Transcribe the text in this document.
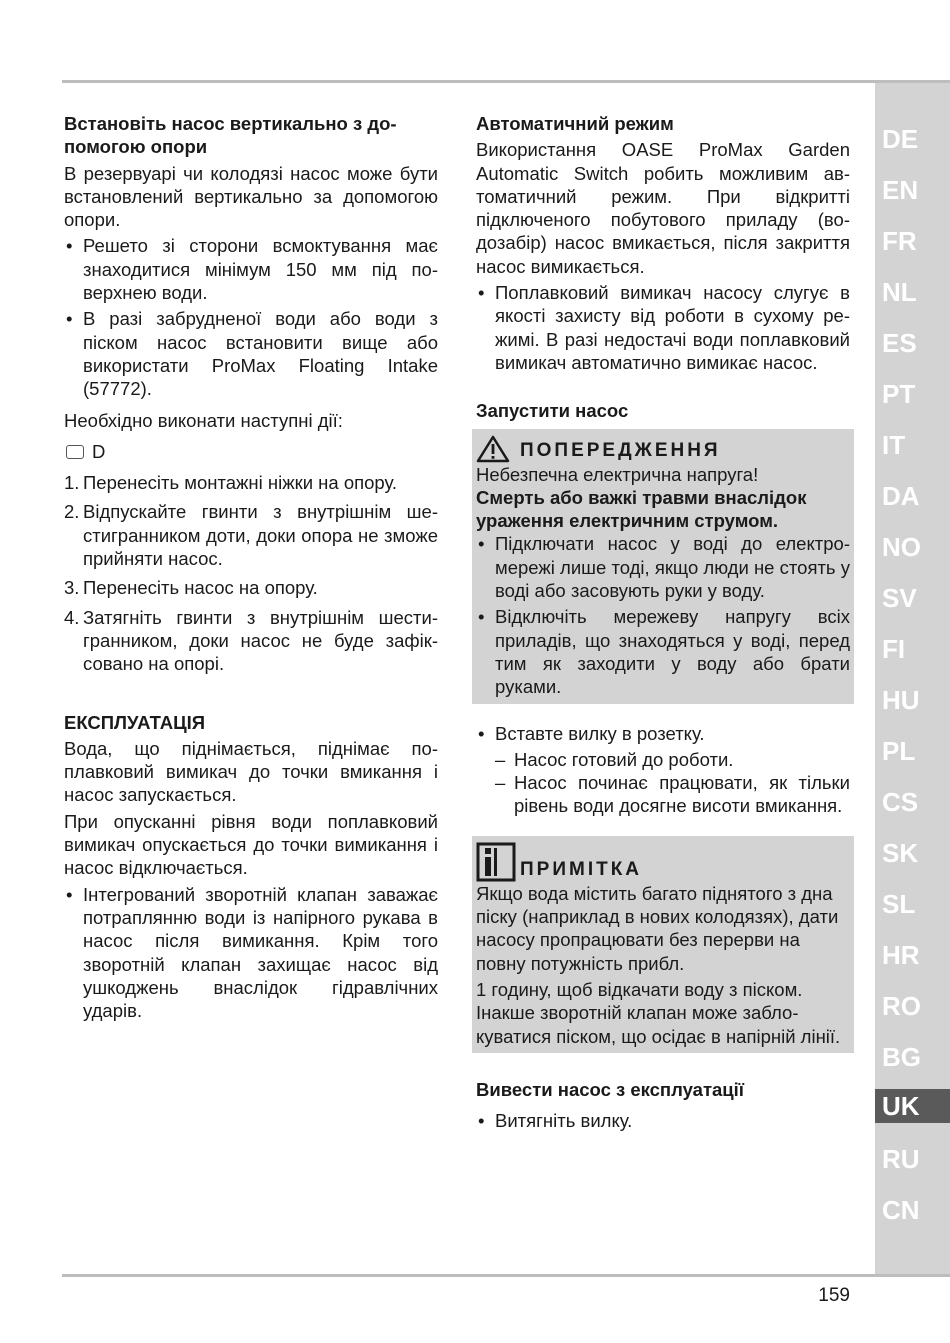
DE
EN
FR
NL
ES
PT
IT
DA
NO
SV
FI
HU
PL
CS
SK
SL
HR
RO
BG
UK
RU
CN
Встановіть насос вертикально з допомогою опори
В резервуарі чи колодязі насос може бути встановлений вертикально за допомогою опори.
• Решето зі сторони всмоктування має знаходитися мінімум 150 мм під поверхнею води.
• В разі забрудненої води або води з піском насос встановити вище або використати ProMax Floating Intake (57772).
Необхідно виконати наступні дії:
D
1. Перенесіть монтажні ніжки на опору.
2. Відпускайте гвинти з внутрішнім шестигранником доти, доки опора не зможе прийняти насос.
3. Перенесіть насос на опору.
4. Затягніть гвинти з внутрішнім шестигранником, доки насос не буде зафіксовано на опорі.
ЕКСПЛУАТАЦІЯ
Вода, що піднімається, піднімає поплавковий вимикач до точки вмикання і насос запускається.
При опусканні рівня води поплавковий вимикач опускається до точки вимикання і насос відключається.
• Інтегрований зворотній клапан заважає потраплянню води із напірного рукава в насос після вимикання. Крім того зворотній клапан захищає насос від ушкоджень внаслідок гідравлічних ударів.
Автоматичний режим
Використання OASE ProMax Garden Automatic Switch робить можливим автоматичний режим. При відкритті підключеного побутового приладу (водозабір) насос вмикається, після закриття насос вимикається.
• Поплавковий вимикач насосу слугує в якості захисту від роботи в сухому режимі. В разі недостачі води поплавковий вимикач автоматично вимикає насос.
Запустити насос
ПОПЕРЕДЖЕННЯ
Небезпечна електрична напруга!
Смерть або важкі травми внаслідок ураження електричним струмом.
• Підключати насос у воді до електромережі лише тоді, якщо люди не стоять у воді або засовують руки у воду.
• Відключіть мережеву напругу всіх приладів, що знаходяться у воді, перед тим як заходити у воду або брати руками.
• Вставте вилку в розетку.
– Насос готовий до роботи.
– Насос починає працювати, як тільки рівень води досягне висоти вмикання.
ПРИМІТКА
Якщо вода містить багато піднятого з дна піску (наприклад в нових колодязях), дати насосу пропрацювати без перерви на повну потужність прибл.
1 годину, щоб відкачати воду з піском. Інакше зворотній клапан може заблокуватися піском, що осідає в напірній лінії.
Вивести насос з експлуатації
• Витягніть вилку.
159
